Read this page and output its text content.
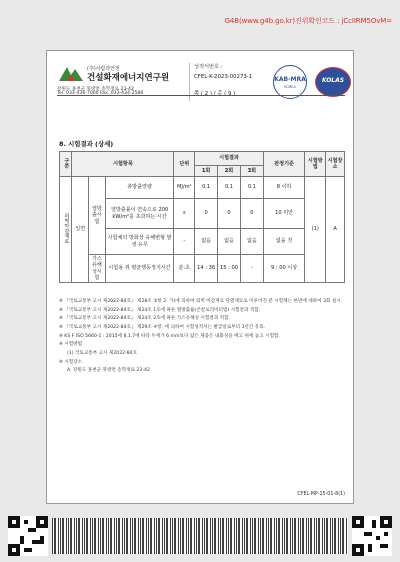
G4B(www.g4b.go.kr)진위확인코드 : jCcIIRM5OvM=
(주)사람과안전
건설화재에너지연구원
강원도 홍천군 북방면 송학정로 23-42
Tel. 033-436-7000 Fax. 033-434-2586
성적서번호 :
CFEL-K-2023-00273-1
쪽 ( 2 ) / 총 ( 9 )
KAB-MRA
KOREA
KOLAS
8. 시험결과 (상세)
구분	시험항목			단위	시험결과			판정기준	시험방법	시험장소
					1회	2회	3회			
외벽마감재료	일면	열방출시험	총방출열량	MJ/m²	0.1	0.1	0.1	8 이하	(1)	A
			열방출률이 연속으로 200 kW/m²를 초과하는 시간	s	0	0	0	10 미만		
			시험체의 방화상 유해변형 발생 유무	-	없음	없음	없음	없을 것		
		가스유해성시험	시험용 쥐 평균행동정지시간	분:초	14 : 36	15 : 00	-	9 : 00 이상		
※ 『국토교통부 고시 제2022-84호』 제28조 ②항 2. 가)에 의하여 외벽 마감재료 단열재료로 이루어진 분 시험체는 한면에 대하여 3회 실시.
※ 『국토교통부 고시 제2022-84호』 제24조 1호에 따른 열방출률(콘칼로리미터법) 시험결과 적합.
※ 『국토교통부 고시 제2022-84호』 제24조 2호에 따른 가스유해성 시험결과 적합.
※ 『국토교통부 고시 제2022-84호』 제29조 ④항, 에 의하여 시험성적서는 발급일로부터 3년간 유효.
※ KS F ISO 5660-1 : 2015에 8.1.7에 따라 두께가 6 mm보다 얇은 제품은 내화성을 배고 위에 놓고 시험함.
※ 시험방법
(1) 국토교통부 고시 제2022-84호
※ 시험장소
A. 강원도 홍천군 북방면 송학정로 23-42
CFEL-MP-15-01-8(1)
